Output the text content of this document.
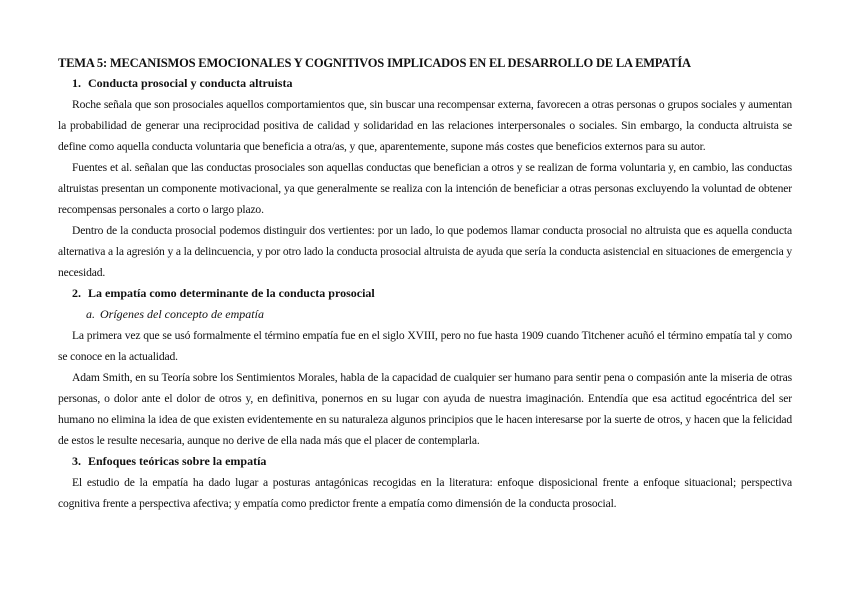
TEMA 5: MECANISMOS EMOCIONALES Y COGNITIVOS IMPLICADOS EN EL DESARROLLO DE LA EMPATÍA

1. Conducta prosocial y conducta altruista

Roche señala que son prosociales aquellos comportamientos que, sin buscar una recompensar externa, favorecen a otras personas o grupos sociales y aumentan la probabilidad de generar una reciprocidad positiva de calidad y solidaridad en las relaciones interpersonales o sociales. Sin embargo, la conducta altruista se define como aquella conducta voluntaria que beneficia a otra/as, y que, aparentemente, supone más costes que beneficios externos para su autor.

Fuentes et al. señalan que las conductas prosociales son aquellas conductas que benefician a otros y se realizan de forma voluntaria y, en cambio, las conductas altruistas presentan un componente motivacional, ya que generalmente se realiza con la intención de beneficiar a otras personas excluyendo la voluntad de obtener recompensas personales a corto o largo plazo.

Dentro de la conducta prosocial podemos distinguir dos vertientes: por un lado, lo que podemos llamar conducta prosocial no altruista que es aquella conducta alternativa a la agresión y a la delincuencia, y por otro lado la conducta prosocial altruista de ayuda que sería la conducta asistencial en situaciones de emergencia y necesidad.

2. La empatía como determinante de la conducta prosocial

a. Orígenes del concepto de empatía

La primera vez que se usó formalmente el término empatía fue en el siglo XVIII, pero no fue hasta 1909 cuando Titchener acuñó el término empatía tal y como se conoce en la actualidad.

Adam Smith, en su Teoría sobre los Sentimientos Morales, habla de la capacidad de cualquier ser humano para sentir pena o compasión ante la miseria de otras personas, o dolor ante el dolor de otros y, en definitiva, ponernos en su lugar con ayuda de nuestra imaginación. Entendía que esa actitud egocéntrica del ser humano no elimina la idea de que existen evidentemente en su naturaleza algunos principios que le hacen interesarse por la suerte de otros, y hacen que la felicidad de estos le resulte necesaria, aunque no derive de ella nada más que el placer de contemplarla.

3. Enfoques teóricas sobre la empatía

El estudio de la empatía ha dado lugar a posturas antagónicas recogidas en la literatura: enfoque disposicional frente a enfoque situacional; perspectiva cognitiva frente a perspectiva afectiva; y empatía como predictor frente a empatía como dimensión de la conducta prosocial.
